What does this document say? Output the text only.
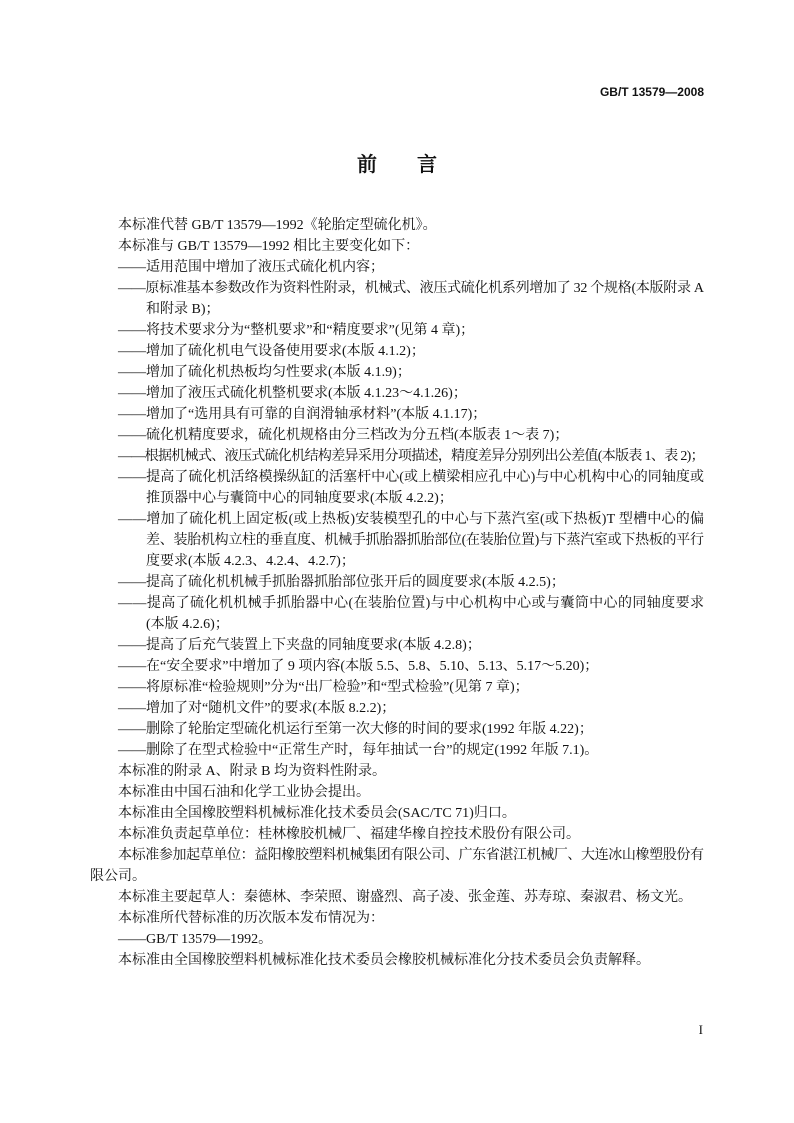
GB/T 13579—2008
前　　言
本标准代替 GB/T 13579—1992《轮胎定型硫化机》。
本标准与 GB/T 13579—1992 相比主要变化如下：
——适用范围中增加了液压式硫化机内容；
——原标准基本参数改作为资料性附录，机械式、液压式硫化机系列增加了 32 个规格(本版附录 A
和附录 B)；
——将技术要求分为“整机要求”和“精度要求”(见第 4 章)；
——增加了硫化机电气设备使用要求(本版 4.1.2)；
——增加了硫化机热板均匀性要求(本版 4.1.9)；
——增加了液压式硫化机整机要求(本版 4.1.23～4.1.26)；
——增加了“选用具有可靠的自润滑轴承材料”(本版 4.1.17)；
——硫化机精度要求，硫化机规格由分三档改为分五档(本版表 1～表 7)；
——根据机械式、液压式硫化机结构差异采用分项描述，精度差异分别列出公差值(本版表 1、表 2)；
——提高了硫化机活络模操纵缸的活塞杆中心(或上横梁相应孔中心)与中心机构中心的同轴度或
推顶器中心与囊筒中心的同轴度要求(本版 4.2.2)；
——增加了硫化机上固定板(或上热板)安装模型孔的中心与下蒸汽室(或下热板)T 型槽中心的偏
差、装胎机构立柱的垂直度、机械手抓胎器抓胎部位(在装胎位置)与下蒸汽室或下热板的平行
度要求(本版 4.2.3、4.2.4、4.2.7)；
——提高了硫化机机械手抓胎器抓胎部位张开后的圆度要求(本版 4.2.5)；
——提高了硫化机机械手抓胎器中心(在装胎位置)与中心机构中心或与囊筒中心的同轴度要求
(本版 4.2.6)；
——提高了后充气装置上下夹盘的同轴度要求(本版 4.2.8)；
——在“安全要求”中增加了 9 项内容(本版 5.5、5.8、5.10、5.13、5.17～5.20)；
——将原标准“检验规则”分为“出厂检验”和“型式检验”(见第 7 章)；
——增加了对“随机文件”的要求(本版 8.2.2)；
——删除了轮胎定型硫化机运行至第一次大修的时间的要求(1992 年版 4.22)；
——删除了在型式检验中“正常生产时，每年抽试一台”的规定(1992 年版 7.1)。
本标准的附录 A、附录 B 均为资料性附录。
本标准由中国石油和化学工业协会提出。
本标准由全国橡胶塑料机械标准化技术委员会(SAC/TC 71)归口。
本标准负责起草单位：桂林橡胶机械厂、福建华橡自控技术股份有限公司。
本标准参加起草单位：益阳橡胶塑料机械集团有限公司、广东省湛江机械厂、大连冰山橡塑股份有
限公司。
本标准主要起草人：秦德林、李荣照、谢盛烈、高子凌、张金莲、苏寿琼、秦淑君、杨文光。
本标准所代替标准的历次版本发布情况为：
——GB/T 13579—1992。
本标准由全国橡胶塑料机械标准化技术委员会橡胶机械标准化分技术委员会负责解释。
I
